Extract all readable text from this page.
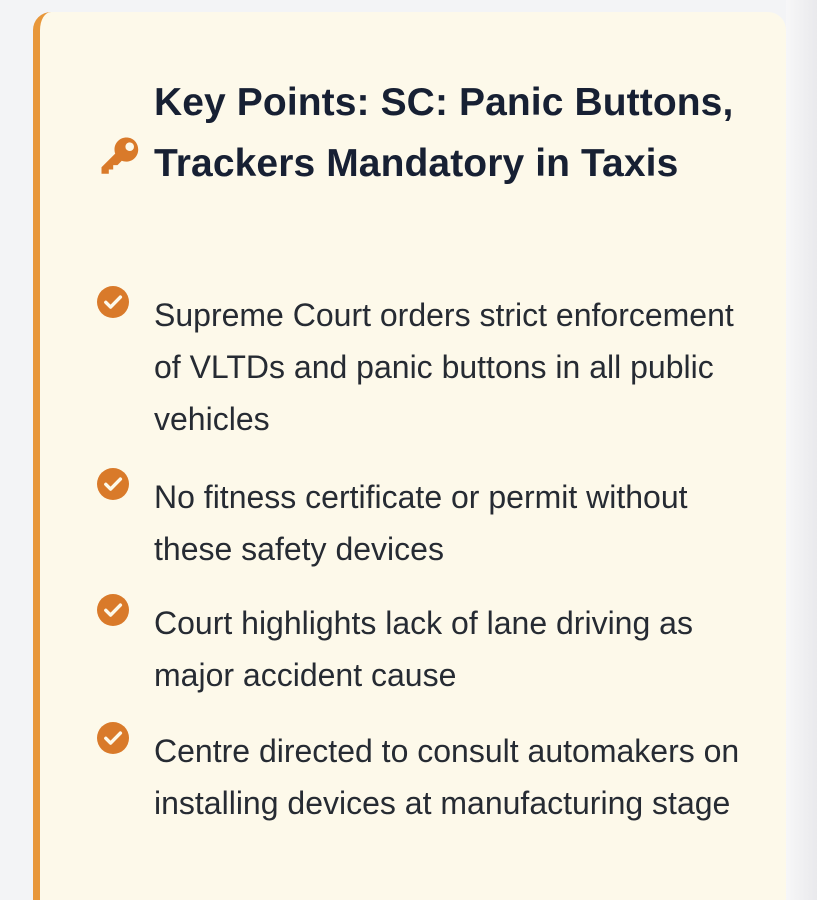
Key Points: SC: Panic Buttons, Trackers Mandatory in Taxis

Supreme Court orders strict enforcement of VLTDs and panic buttons in all public vehicles

No fitness certificate or permit without these safety devices

Court highlights lack of lane driving as major accident cause

Centre directed to consult automakers on installing devices at manufacturing stage
